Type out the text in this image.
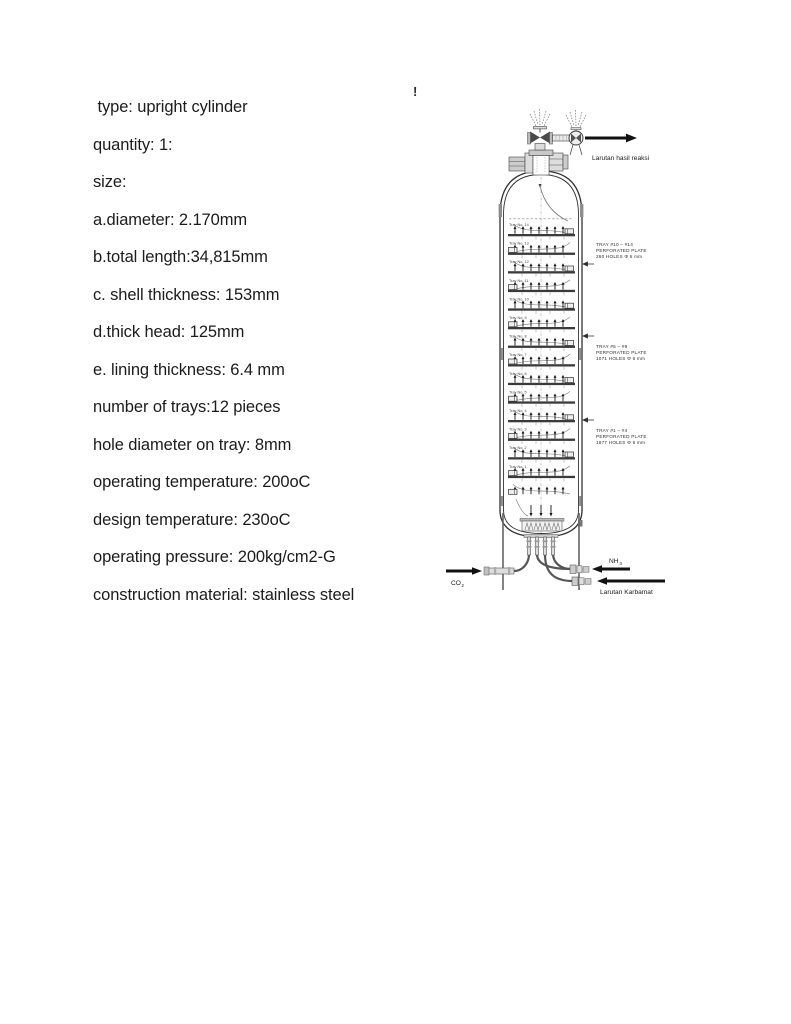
!
type: upright cylinder
quantity: 1:
size:
a.diameter: 2.170mm
b.total length:34,815mm
c. shell thickness: 153mm
d.thick head: 125mm
e. lining thickness: 6.4 mm
number of trays:12 pieces
hole diameter on tray: 8mm
operating temperature: 200oC
design temperature: 230oC
operating pressure: 200kg/cm2-G
construction material: stainless steel
Larutan hasil reaksi
Tray No. 14
Tray No. 13
Tray No. 12
Tray No. 11
Tray No. 10
Tray No. 9
Tray No. 8
Tray No. 7
Tray No. 6
Tray No. 5
Tray No. 4
Tray No. 3
Tray No. 2
Tray No. 1
CO 2
NH 3
Larutan Karbamat
TRAY #10 – #14
PERFORATED PLATE
260 HOLES Φ 6 mm
TRAY #5 – #9
PERFORATED PLATE
1071 HOLES Φ 6 mm
TRAY #1 – #4
PERFORATED PLATE
1877 HOLES Φ 6 mm
